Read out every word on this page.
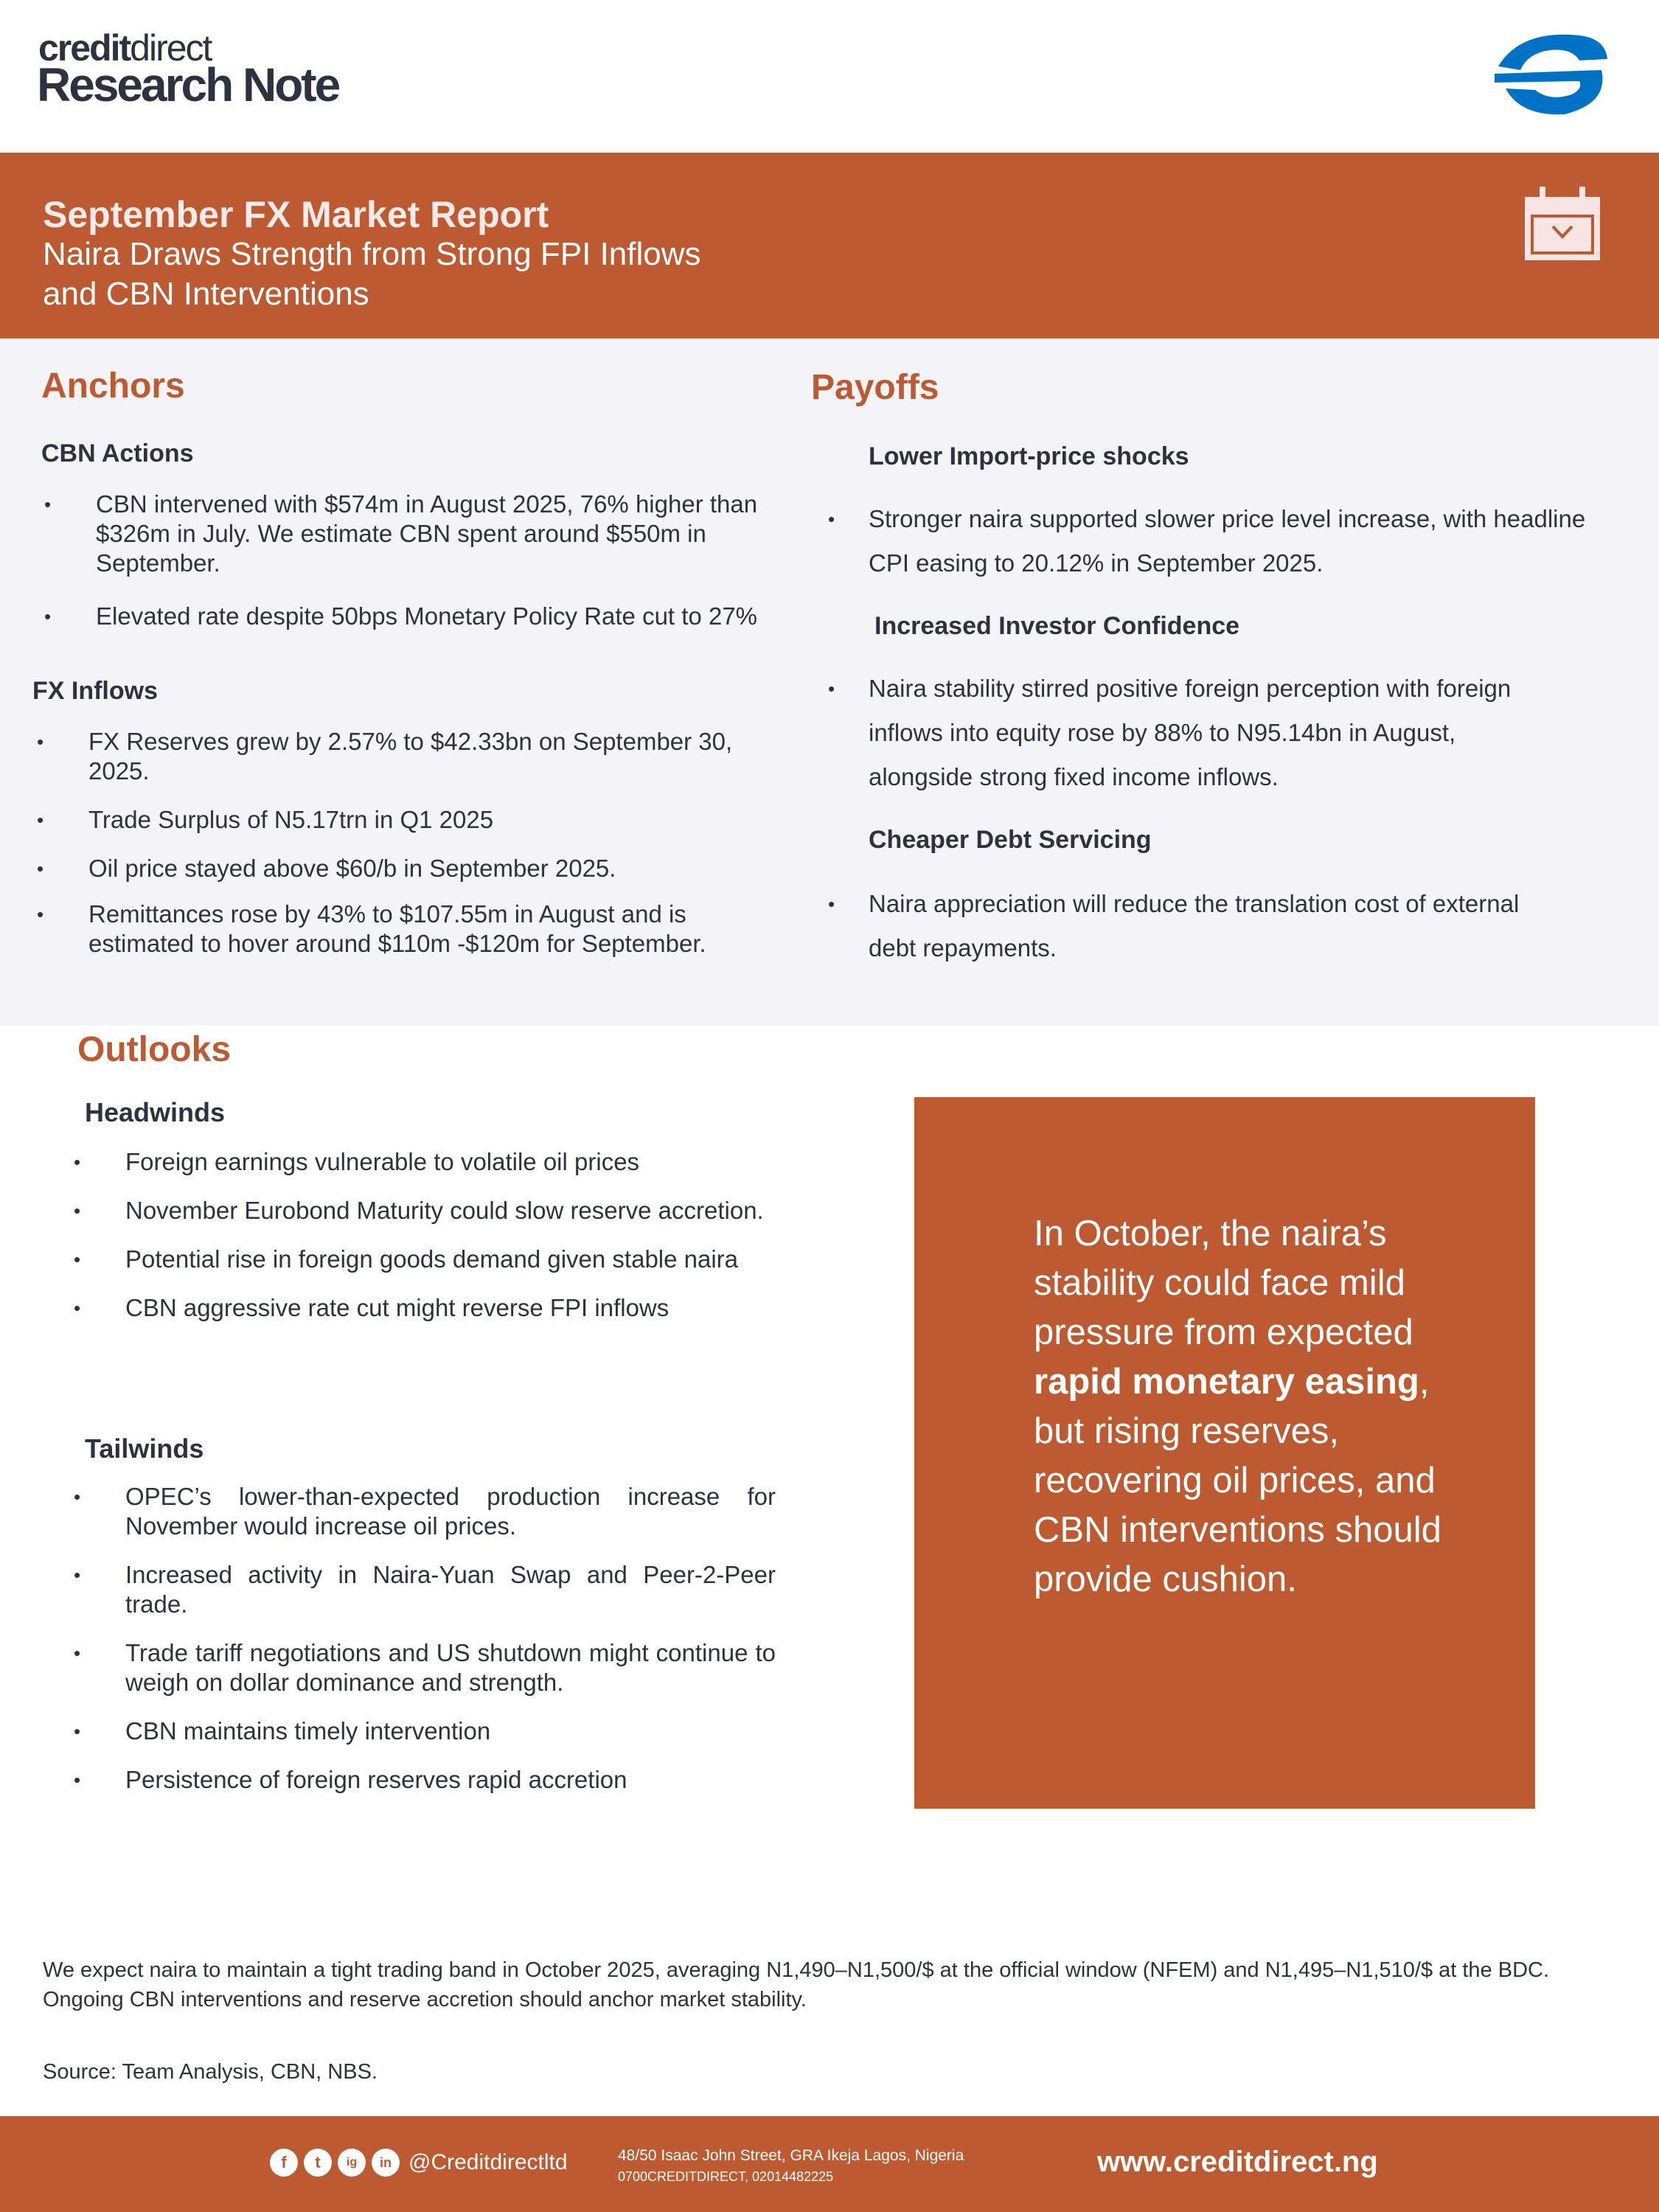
creditdirect
Research Note
September FX Market Report
Naira Draws Strength from Strong FPI Inflows
and CBN Interventions
Anchors
CBN Actions
• CBN intervened with $574m in August 2025, 76% higher than $326m in July. We estimate CBN spent around $550m in September.
• Elevated rate despite 50bps Monetary Policy Rate cut to 27%
FX Inflows
• FX Reserves grew by 2.57% to $42.33bn on September 30, 2025.
• Trade Surplus of N5.17trn in Q1 2025
• Oil price stayed above $60/b in September 2025.
• Remittances rose by 43% to $107.55m in August and is estimated to hover around $110m -$120m for September.
Payoffs
Lower Import-price shocks
• Stronger naira supported slower price level increase, with headline CPI easing to 20.12% in September 2025.
Increased Investor Confidence
• Naira stability stirred positive foreign perception with foreign inflows into equity rose by 88% to N95.14bn in August, alongside strong fixed income inflows.
Cheaper Debt Servicing
• Naira appreciation will reduce the translation cost of external debt repayments.
Outlooks
Headwinds
• Foreign earnings vulnerable to volatile oil prices
• November Eurobond Maturity could slow reserve accretion.
• Potential rise in foreign goods demand given stable naira
• CBN aggressive rate cut might reverse FPI inflows
Tailwinds
• OPEC’s lower-than-expected production increase for November would increase oil prices.
• Increased activity in Naira-Yuan Swap and Peer-2-Peer trade.
• Trade tariff negotiations and US shutdown might continue to weigh on dollar dominance and strength.
• CBN maintains timely intervention
• Persistence of foreign reserves rapid accretion
In October, the naira’s stability could face mild pressure from expected rapid monetary easing, but rising reserves, recovering oil prices, and CBN interventions should provide cushion.
We expect naira to maintain a tight trading band in October 2025, averaging N1,490–N1,500/$ at the official window (NFEM) and N1,495–N1,510/$ at the BDC. Ongoing CBN interventions and reserve accretion should anchor market stability.
Source: Team Analysis, CBN, NBS.
f	t	ig	in @Creditdirectltd	48/50 Isaac John Street, GRA Ikeja Lagos, Nigeria
0700CREDITDIRECT, 02014482225	www.creditdirect.ng
